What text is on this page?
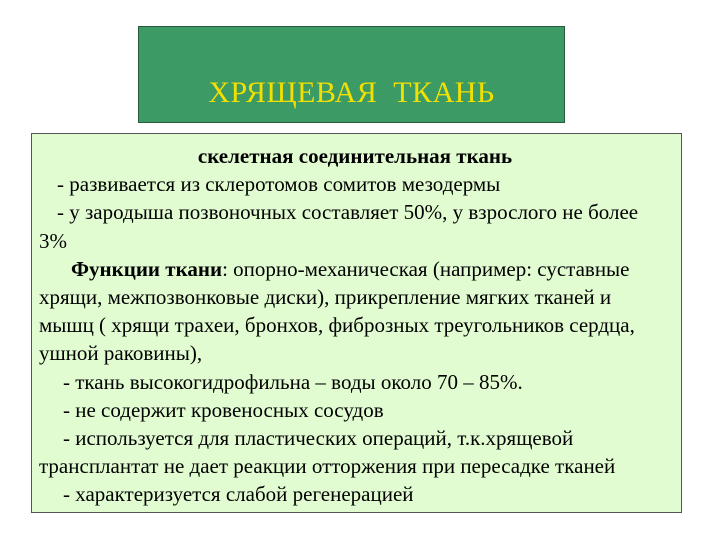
ХРЯЩЕВАЯ  ТКАНЬ
скелетная соединительная ткань
- развивается из склеротомов сомитов мезодермы
- у зародыша позвоночных составляет 50%, у взрослого не более
3%
Функции ткани: опорно-механическая (например: суставные
хрящи, межпозвонковые диски), прикрепление мягких тканей и
мышц ( хрящи трахеи, бронхов, фиброзных треугольников сердца,
ушной раковины),
- ткань высокогидрофильна – воды около 70 – 85%.
- не содержит кровеносных сосудов
- используется для пластических операций, т.к.хрящевой
трансплантат не дает реакции отторжения при пересадке тканей
- характеризуется слабой регенерацией
